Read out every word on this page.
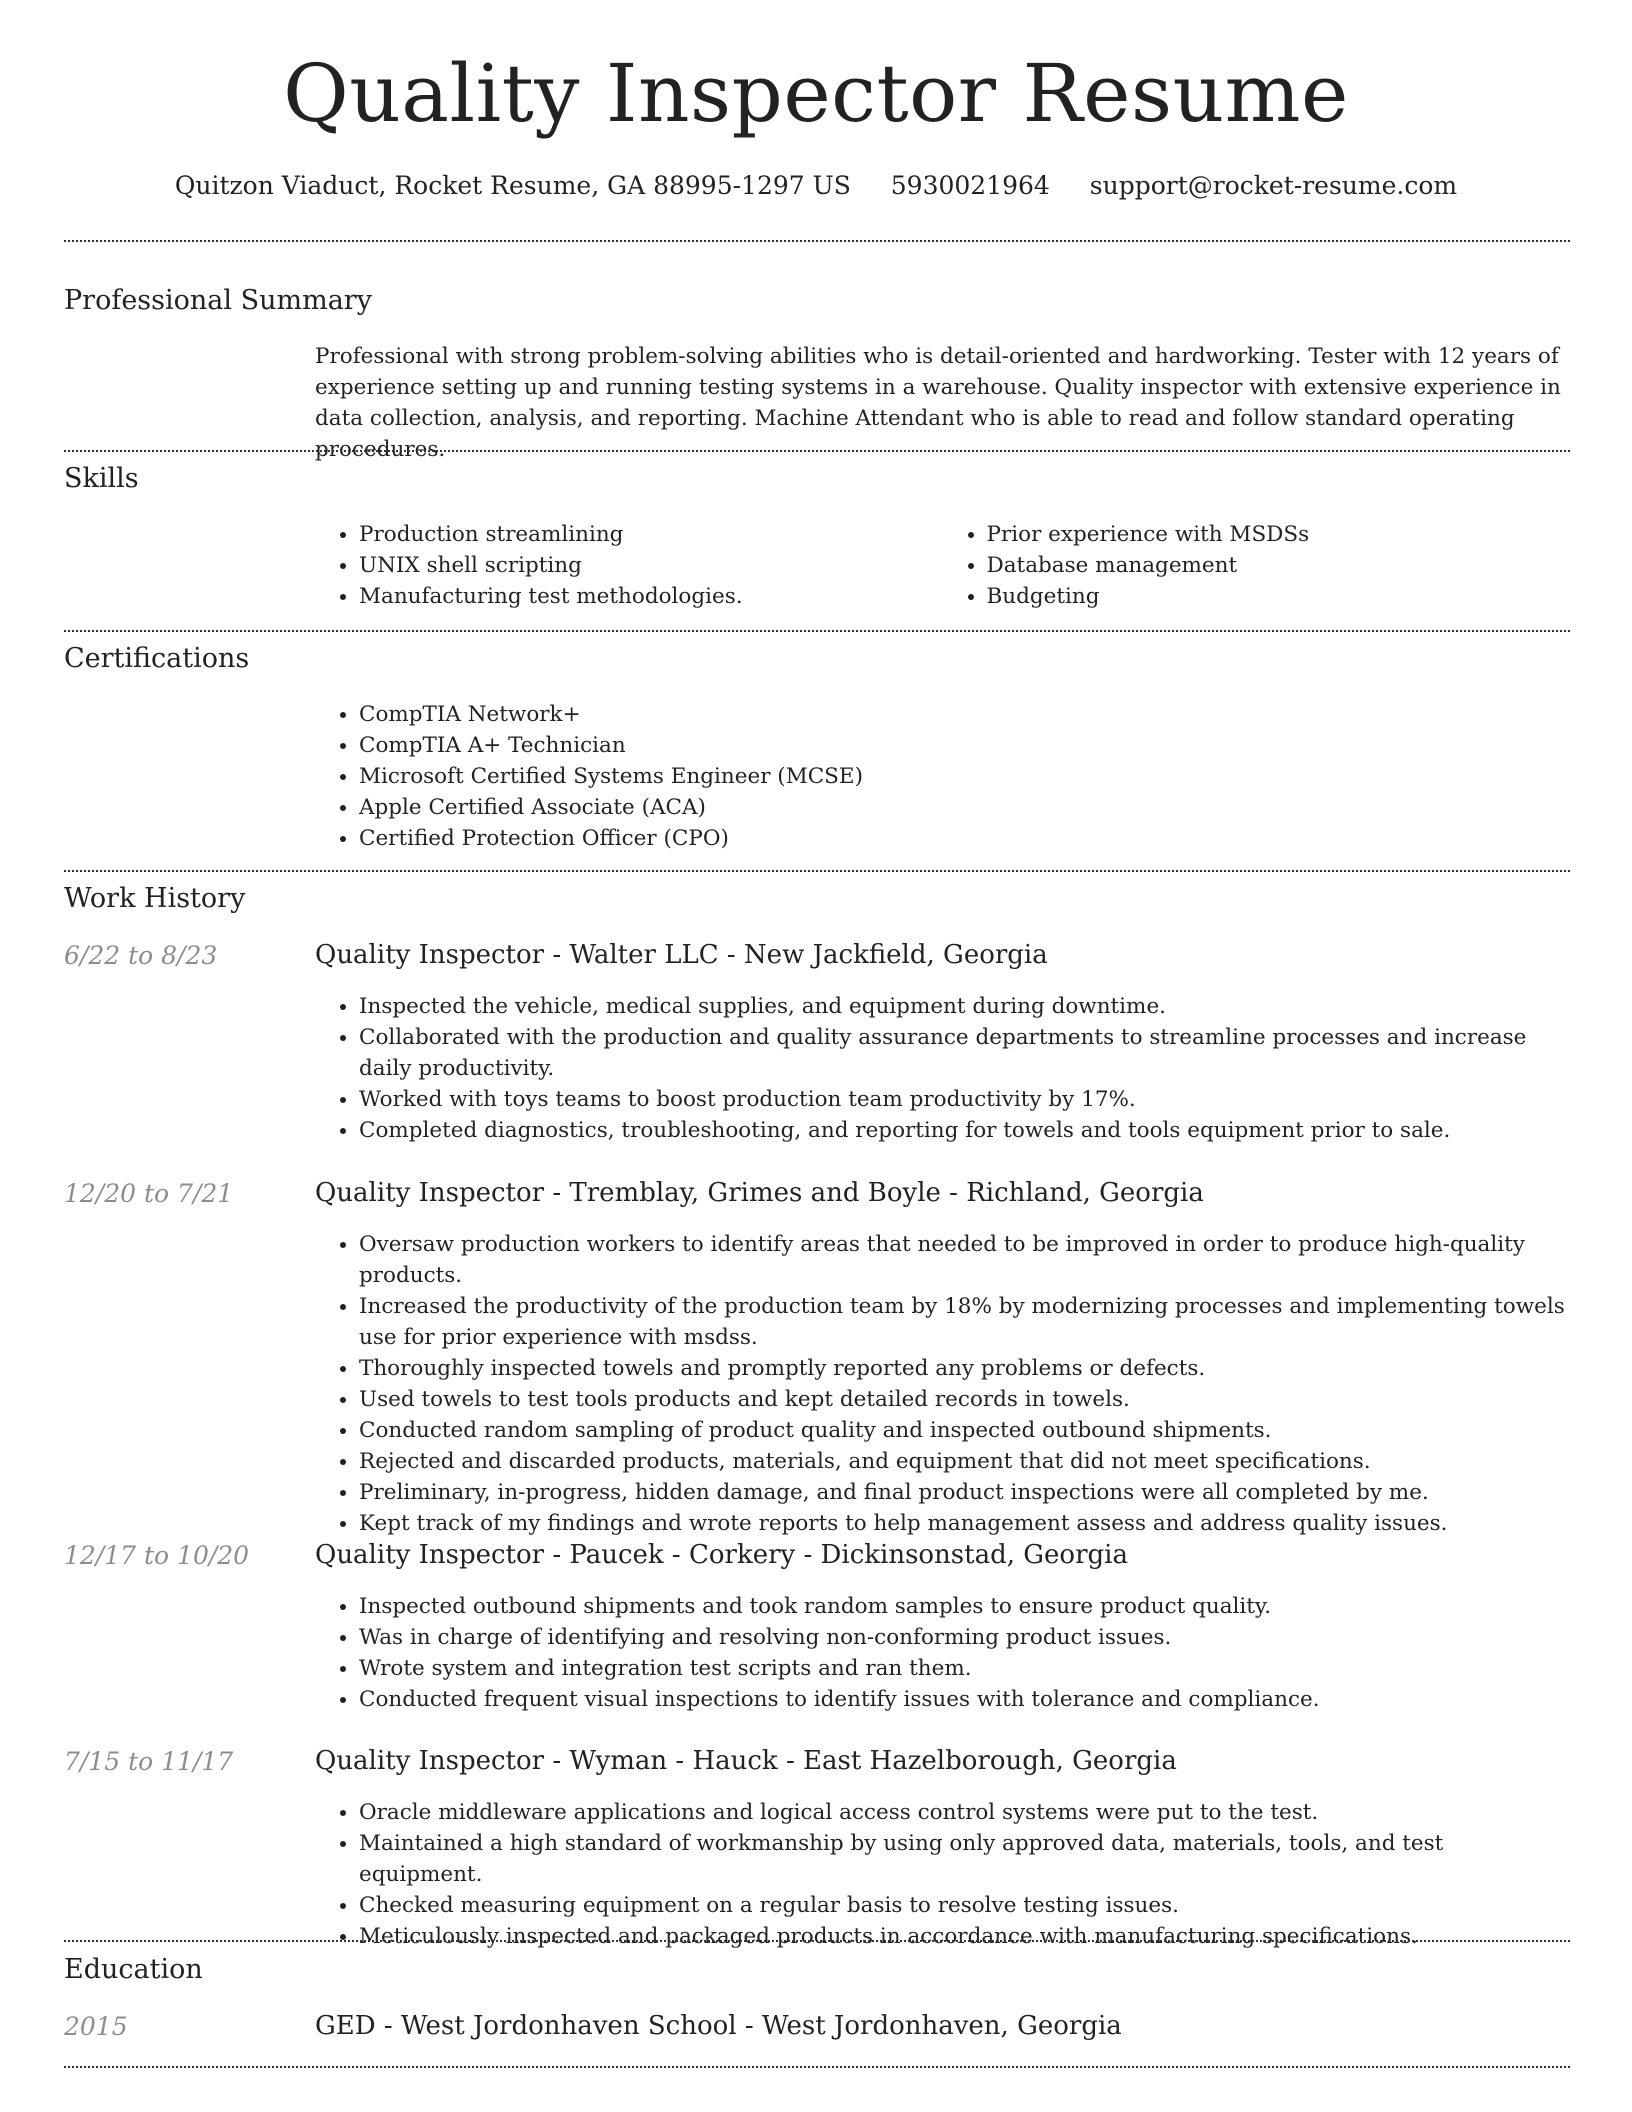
Quality Inspector Resume
Quitzon Viaduct, Rocket Resume, GA 88995-1297 US 5930021964 support@rocket-resume.com
Professional Summary

Professional with strong problem-solving abilities who is detail-oriented and hardworking. Tester with 12 years of experience setting up and running testing systems in a warehouse. Quality inspector with extensive experience in data collection, analysis, and reporting. Machine Attendant who is able to read and follow standard operating procedures.

Skills
• Production streamlining
• UNIX shell scripting
• Manufacturing test methodologies.
• Prior experience with MSDSs
• Database management
• Budgeting
Certifications
• CompTIA Network+
• CompTIA A+ Technician
• Microsoft Certified Systems Engineer (MCSE)
• Apple Certified Associate (ACA)
• Certified Protection Officer (CPO)
Work History
6/22 to 8/23	Quality Inspector - Walter LLC - New Jackfield, Georgia
• Inspected the vehicle, medical supplies, and equipment during downtime.
• Collaborated with the production and quality assurance departments to streamline processes and increase daily productivity.
• Worked with toys teams to boost production team productivity by 17%.
• Completed diagnostics, troubleshooting, and reporting for towels and tools equipment prior to sale.
12/20 to 7/21	Quality Inspector - Tremblay, Grimes and Boyle - Richland, Georgia
• Oversaw production workers to identify areas that needed to be improved in order to produce high-quality products.
• Increased the productivity of the production team by 18% by modernizing processes and implementing towels use for prior experience with msdss.
• Thoroughly inspected towels and promptly reported any problems or defects.
• Used towels to test tools products and kept detailed records in towels.
• Conducted random sampling of product quality and inspected outbound shipments.
• Rejected and discarded products, materials, and equipment that did not meet specifications.
• Preliminary, in-progress, hidden damage, and final product inspections were all completed by me.
• Kept track of my findings and wrote reports to help management assess and address quality issues.
12/17 to 10/20	Quality Inspector - Paucek - Corkery - Dickinsonstad, Georgia
• Inspected outbound shipments and took random samples to ensure product quality.
• Was in charge of identifying and resolving non-conforming product issues.
• Wrote system and integration test scripts and ran them.
• Conducted frequent visual inspections to identify issues with tolerance and compliance.
7/15 to 11/17	Quality Inspector - Wyman - Hauck - East Hazelborough, Georgia
• Oracle middleware applications and logical access control systems were put to the test.
• Maintained a high standard of workmanship by using only approved data, materials, tools, and test equipment.
• Checked measuring equipment on a regular basis to resolve testing issues.
• Meticulously inspected and packaged products in accordance with manufacturing specifications.
Education
2015	GED - West Jordonhaven School - West Jordonhaven, Georgia
